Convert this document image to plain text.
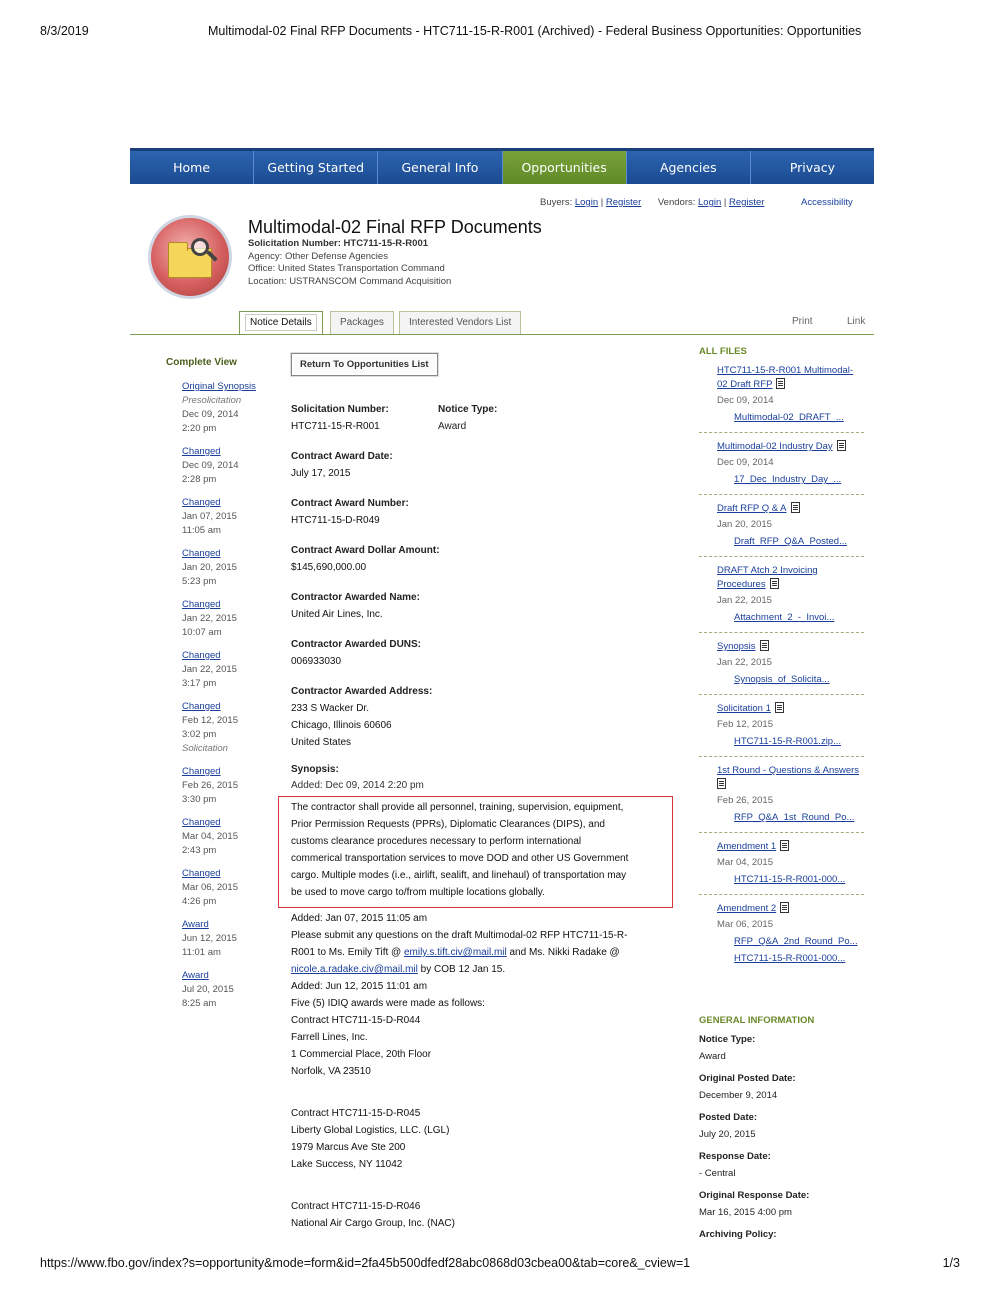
8/3/2019	Multimodal-02 Final RFP Documents - HTC711-15-R-R001 (Archived) - Federal Business Opportunities: Opportunities
Home	Getting Started	General Info	Opportunities	Agencies	Privacy
Buyers: Login | Register Vendors: Login | Register	Accessibility
Multimodal-02 Final RFP Documents
Solicitation Number: HTC711-15-R-R001
Agency: Other Defense Agencies
Office: United States Transportation Command
Location: USTRANSCOM Command Acquisition
Notice Details	Packages	Interested Vendors List	Print	Link
Complete View
Original Synopsis
Presolicitation
Dec 09, 2014
2:20 pm
Changed
Dec 09, 2014
2:28 pm
Changed
Jan 07, 2015
11:05 am
Changed
Jan 20, 2015
5:23 pm
Changed
Jan 22, 2015
10:07 am
Changed
Jan 22, 2015
3:17 pm
Changed
Feb 12, 2015
3:02 pm
Solicitation
Changed
Feb 26, 2015
3:30 pm
Changed
Mar 04, 2015
2:43 pm
Changed
Mar 06, 2015
4:26 pm
Award
Jun 12, 2015
11:01 am
Award
Jul 20, 2015
8:25 am
Return To Opportunities List
Solicitation Number:
HTC711-15-R-R001
Notice Type:
Award
Contract Award Date:
July 17, 2015
Contract Award Number:
HTC711-15-D-R049
Contract Award Dollar Amount:
$145,690,000.00
Contractor Awarded Name:
United Air Lines, Inc.
Contractor Awarded DUNS:
006933030
Contractor Awarded Address:
233 S Wacker Dr.
Chicago, Illinois 60606
United States
Synopsis:
Added: Dec 09, 2014 2:20 pm
The contractor shall provide all personnel, training, supervision, equipment,
Prior Permission Requests (PPRs), Diplomatic Clearances (DIPS), and
customs clearance procedures necessary to perform international
commerical transportation services to move DOD and other US Government
cargo. Multiple modes (i.e., airlift, sealift, and linehaul) of transportation may
be used to move cargo to/from multiple locations globally.

Added: Jan 07, 2015 11:05 am

Please submit any questions on the draft Multimodal-02 RFP HTC711-15-R-

R001 to Ms. Emily Tift @ emily.s.tift.civ@mail.mil and Ms. Nikki Radake @

nicole.a.radake.civ@mail.mil by COB 12 Jan 15.

Added: Jun 12, 2015 11:01 am

Five (5) IDIQ awards were made as follows:

Contract HTC711-15-D-R044

Farrell Lines, Inc.

1 Commercial Place, 20th Floor

Norfolk, VA 23510

Contract HTC711-15-D-R045

Liberty Global Logistics, LLC. (LGL)

1979 Marcus Ave Ste 200

Lake Success, NY 11042

Contract HTC711-15-D-R046

National Air Cargo Group, Inc. (NAC)

ALL FILES
HTC711-15-R-R001 Multimodal-
02 Draft RFP
Dec 09, 2014
Multimodal-02_DRAFT_...
Multimodal-02 Industry Day
Dec 09, 2014
17_Dec_Industry_Day_...
Draft RFP Q & A
Jan 20, 2015
Draft_RFP_Q&A_Posted...
DRAFT Atch 2 Invoicing
Procedures
Jan 22, 2015
Attachment_2_-_Invoi...
Synopsis
Jan 22, 2015
Synopsis_of_Solicita...
Solicitation 1
Feb 12, 2015
HTC711-15-R-R001.zip...
1st Round - Questions & Answers
Feb 26, 2015
RFP_Q&A_1st_Round_Po...
Amendment 1
Mar 04, 2015
HTC711-15-R-R001-000...
Amendment 2
Mar 06, 2015
RFP_Q&A_2nd_Round_Po...
HTC711-15-R-R001-000...
GENERAL INFORMATION
Notice Type:
Award
Original Posted Date:
December 9, 2014
Posted Date:
July 20, 2015
Response Date:
- Central
Original Response Date:
Mar 16, 2015 4:00 pm
Archiving Policy:
https://www.fbo.gov/index?s=opportunity&mode=form&id=2fa45b500dfedf28abc0868d03cbea00&tab=core&_cview=1	1/3
